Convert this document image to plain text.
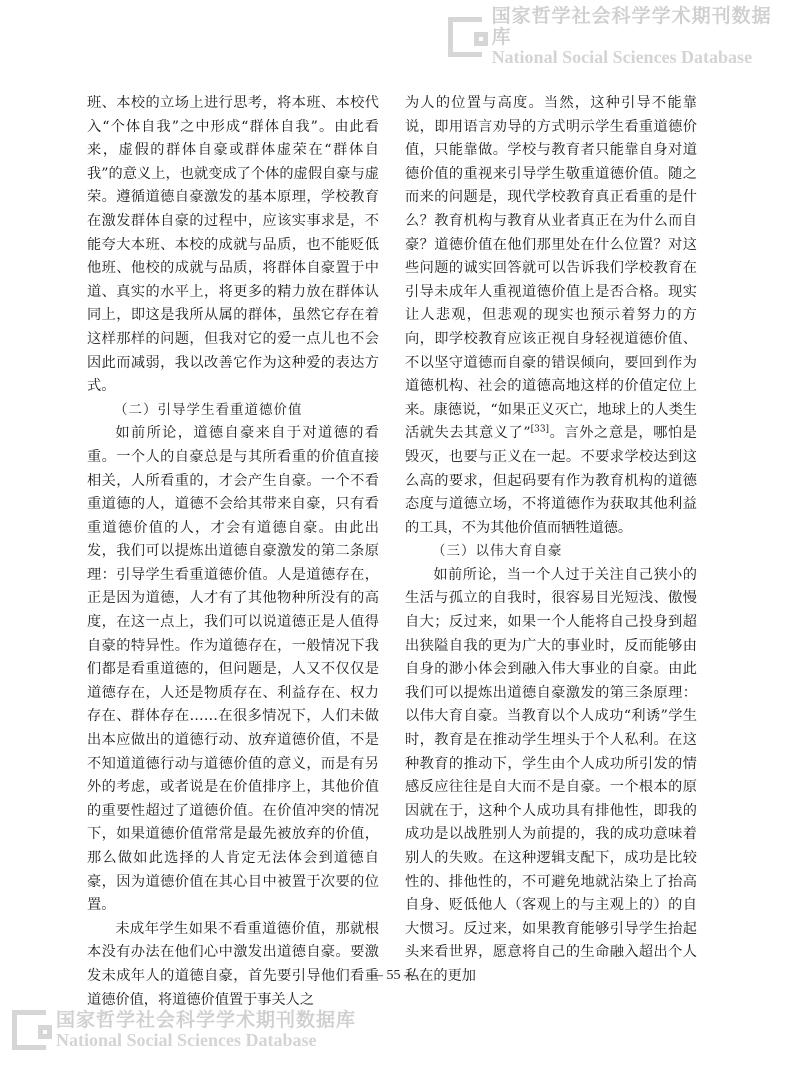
国家哲学社会科学学术期刊数据库
National Social Sciences Database

班、本校的立场上进行思考，将本班、本校代入“个体自我”之中形成“群体自我”。由此看来，虚假的群体自豪或群体虚荣在“群体自我”的意义上，也就变成了个体的虚假自豪与虚荣。遵循道德自豪激发的基本原理，学校教育在激发群体自豪的过程中，应该实事求是，不能夸大本班、本校的成就与品质，也不能贬低他班、他校的成就与品质，将群体自豪置于中道、真实的水平上，将更多的精力放在群体认同上，即这是我所从属的群体，虽然它存在着这样那样的问题，但我对它的爱一点儿也不会因此而减弱，我以改善它作为这种爱的表达方式。

（二）引导学生看重道德价值

如前所论，道德自豪来自于对道德的看重。一个人的自豪总是与其所看重的价值直接相关，人所看重的，才会产生自豪。一个不看重道德的人，道德不会给其带来自豪，只有看重道德价值的人，才会有道德自豪。由此出发，我们可以提炼出道德自豪激发的第二条原理：引导学生看重道德价值。人是道德存在，正是因为道德，人才有了其他物种所没有的高度，在这一点上，我们可以说道德正是人值得自豪的特异性。作为道德存在，一般情况下我们都是看重道德的，但问题是，人又不仅仅是道德存在，人还是物质存在、利益存在、权力存在、群体存在……在很多情况下，人们未做出本应做出的道德行动、放弃道德价值，不是不知道道德行动与道德价值的意义，而是有另外的考虑，或者说是在价值排序上，其他价值的重要性超过了道德价值。在价值冲突的情况下，如果道德价值常常是最先被放弃的价值，那么做如此选择的人肯定无法体会到道德自豪，因为道德价值在其心目中被置于次要的位置。

未成年学生如果不看重道德价值，那就根本没有办法在他们心中激发出道德自豪。要激发未成年人的道德自豪，首先要引导他们看重道德价值，将道德价值置于事关人之

为人的位置与高度。当然，这种引导不能靠说，即用语言劝导的方式明示学生看重道德价值，只能靠做。学校与教育者只能靠自身对道德价值的重视来引导学生敬重道德价值。随之而来的问题是，现代学校教育真正看重的是什么？教育机构与教育从业者真正在为什么而自豪？道德价值在他们那里处在什么位置？对这些问题的诚实回答就可以告诉我们学校教育在引导未成年人重视道德价值上是否合格。现实让人悲观，但悲观的现实也预示着努力的方向，即学校教育应该正视自身轻视道德价值、不以坚守道德而自豪的错误倾向，要回到作为道德机构、社会的道德高地这样的价值定位上来。康德说，“如果正义灭亡，地球上的人类生活就失去其意义了”[33]。言外之意是，哪怕是毁灭，也要与正义在一起。不要求学校达到这么高的要求，但起码要有作为教育机构的道德态度与道德立场，不将道德作为获取其他利益的工具，不为其他价值而牺牲道德。

（三）以伟大育自豪

如前所论，当一个人过于关注自己狭小的生活与孤立的自我时，很容易目光短浅、傲慢自大；反过来，如果一个人能将自己投身到超出狭隘自我的更为广大的事业时，反而能够由自身的渺小体会到融入伟大事业的自豪。由此我们可以提炼出道德自豪激发的第三条原理：以伟大育自豪。当教育以个人成功“利诱”学生时，教育是在推动学生埋头于个人私利。在这种教育的推动下，学生由个人成功所引发的情感反应往往是自大而不是自豪。一个根本的原因就在于，这种个人成功具有排他性，即我的成功是以战胜别人为前提的，我的成功意味着别人的失败。在这种逻辑支配下，成功是比较性的、排他性的，不可避免地就沾染上了抬高自身、贬低他人（客观上的与主观上的）的自大惯习。反过来，如果教育能够引导学生抬起头来看世界，愿意将自己的生命融入超出个人私在的更加

— 55 —
国家哲学社会科学学术期刊数据库
National Social Sciences Database
